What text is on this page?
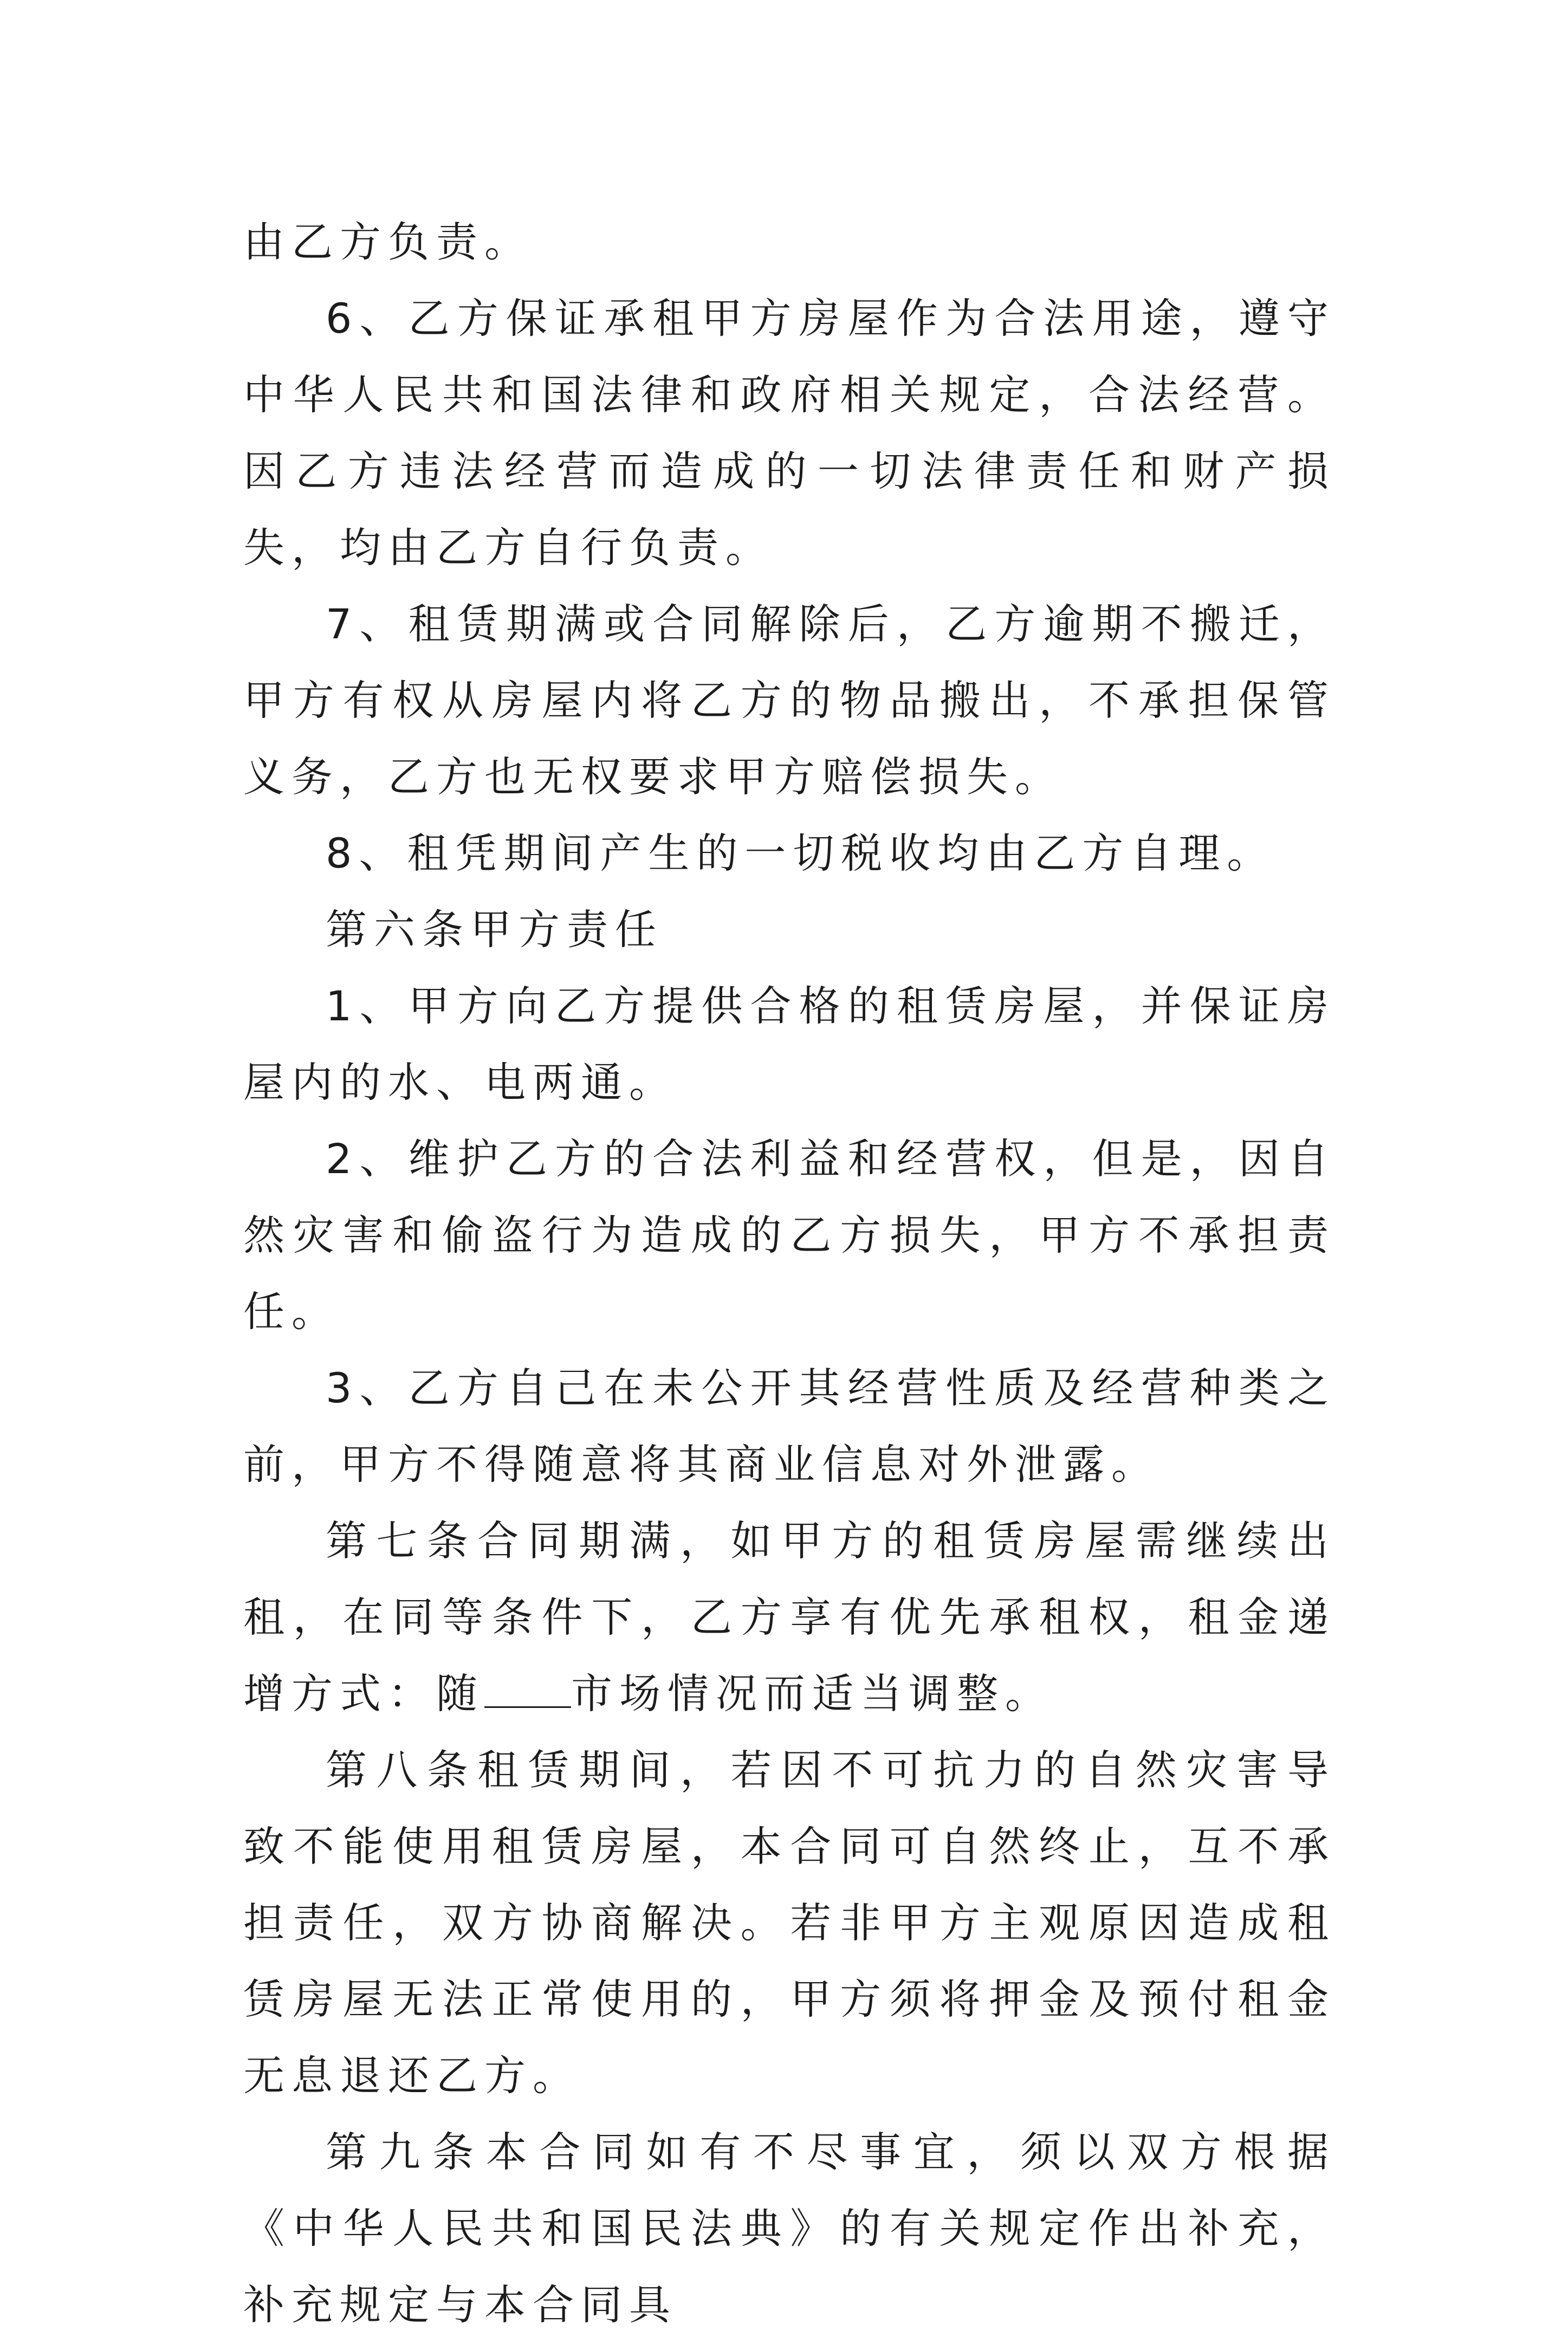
由乙方负责。

6、乙方保证承租甲方房屋作为合法用途，遵守中华人民共和国法律和政府相关规定，合法经营。因乙方违法经营而造成的一切法律责任和财产损失，均由乙方自行负责。

7、租赁期满或合同解除后，乙方逾期不搬迁，甲方有权从房屋内将乙方的物品搬出，不承担保管义务，乙方也无权要求甲方赔偿损失。

8、租凭期间产生的一切税收均由乙方自理。

第六条甲方责任

1、甲方向乙方提供合格的租赁房屋，并保证房屋内的水、电两通。

2、维护乙方的合法利益和经营权，但是，因自然灾害和偷盗行为造成的乙方损失，甲方不承担责任。

3、乙方自己在未公开其经营性质及经营种类之前，甲方不得随意将其商业信息对外泄露。

第七条合同期满，如甲方的租赁房屋需继续出租，在同等条件下，乙方享有优先承租权，租金递增方式：随 市场情况而适当调整。

第八条租赁期间，若因不可抗力的自然灾害导致不能使用租赁房屋，本合同可自然终止，互不承担责任，双方协商解决。若非甲方主观原因造成租赁房屋无法正常使用的，甲方须将押金及预付租金无息退还乙方。

第九条本合同如有不尽事宜，须以双方根据《中华人民共和国民法典》的有关规定作出补充，补充规定与本合同具
